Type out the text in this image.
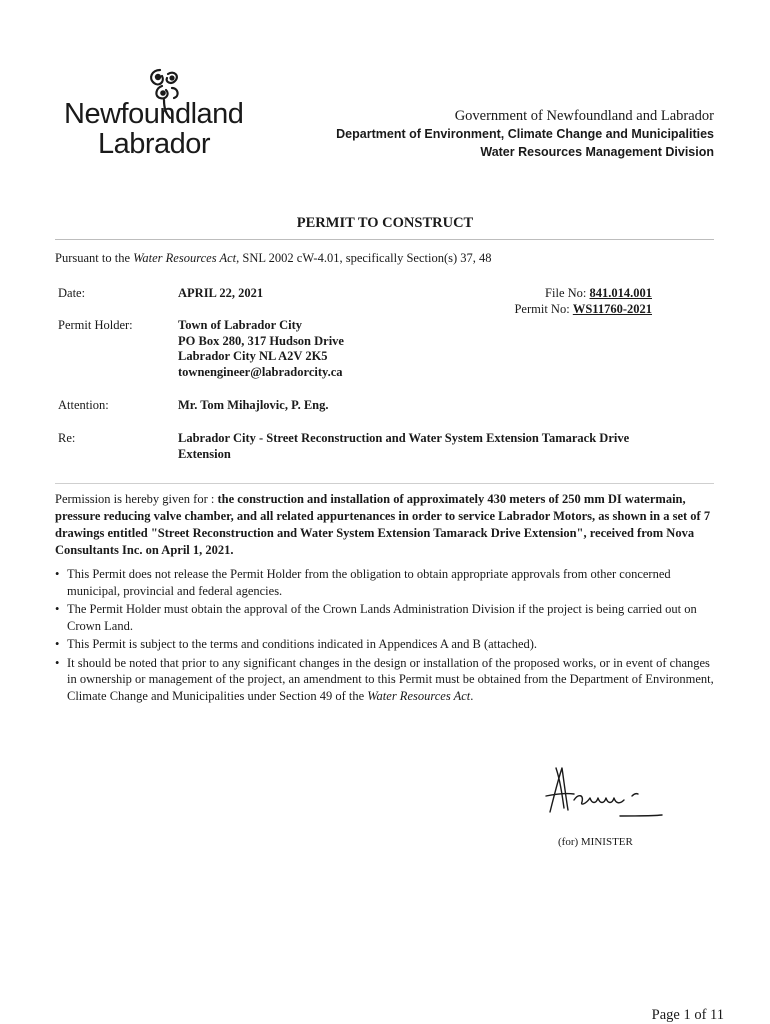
Newfoundland
Labrador
Government of Newfoundland and Labrador
Department of Environment, Climate Change and Municipalities
Water Resources Management Division
PERMIT TO CONSTRUCT
Pursuant to the Water Resources Act, SNL 2002 cW-4.01, specifically Section(s) 37, 48
Date:	APRIL 22, 2021	File No: 841.014.001
Permit No: WS11760-2021
Permit Holder:	Town of Labrador City
PO Box 280, 317 Hudson Drive
Labrador City NL A2V 2K5
townengineer@labradorcity.ca
Attention:	Mr. Tom Mihajlovic, P. Eng.
Re:	Labrador City - Street Reconstruction and Water System Extension Tamarack Drive
Extension
Permission is hereby given for : the construction and installation of approximately 430 meters of 250 mm DI watermain, pressure reducing valve chamber, and all related appurtenances in order to service Labrador Motors, as shown in a set of 7 drawings entitled "Street Reconstruction and Water System Extension Tamarack Drive Extension", received from Nova Consultants Inc. on April 1, 2021.
• This Permit does not release the Permit Holder from the obligation to obtain appropriate approvals from other concerned municipal, provincial and federal agencies.
• The Permit Holder must obtain the approval of the Crown Lands Administration Division if the project is being carried out on Crown Land.
• This Permit is subject to the terms and conditions indicated in Appendices A and B (attached).
• It should be noted that prior to any significant changes in the design or installation of the proposed works, or in event of changes in ownership or management of the project, an amendment to this Permit must be obtained from the Department of Environment, Climate Change and Municipalities under Section 49 of the Water Resources Act.
(for) MINISTER
Page 1 of 11
